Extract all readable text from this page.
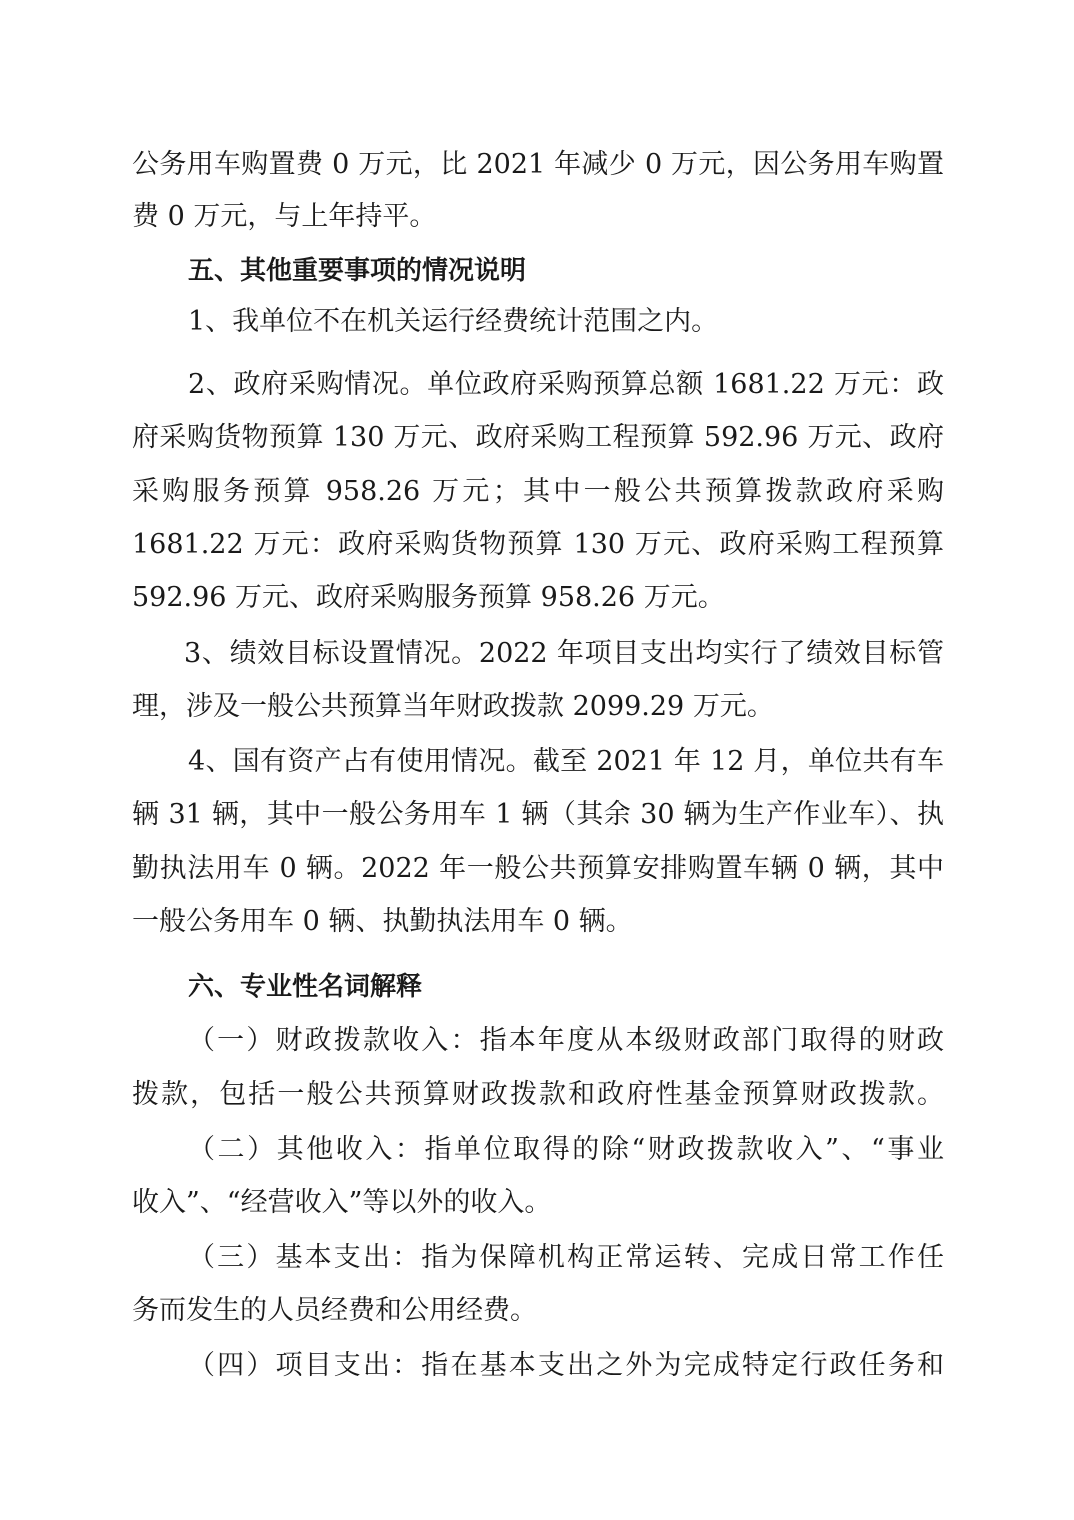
公务用车购置费 0 万元，比 2021 年减少 0 万元，因公务用车购置
费 0 万元，与上年持平。
五、其他重要事项的情况说明
1、我单位不在机关运行经费统计范围之内。
2、政府采购情况。单位政府采购预算总额 1681.22 万元：政
府采购货物预算 130 万元、政府采购工程预算 592.96 万元、政府
采购服务预算 958.26 万元；其中一般公共预算拨款政府采购
1681.22 万元：政府采购货物预算 130 万元、政府采购工程预算
592.96 万元、政府采购服务预算 958.26 万元。
3、绩效目标设置情况。2022 年项目支出均实行了绩效目标管
理，涉及一般公共预算当年财政拨款 2099.29 万元。
4、国有资产占有使用情况。截至 2021 年 12 月，单位共有车
辆 31 辆，其中一般公务用车 1 辆（其余 30 辆为生产作业车）、执
勤执法用车 0 辆。2022 年一般公共预算安排购置车辆 0 辆，其中
一般公务用车 0 辆、执勤执法用车 0 辆。
六、专业性名词解释
（一）财政拨款收入：指本年度从本级财政部门取得的财政
拨款，包括一般公共预算财政拨款和政府性基金预算财政拨款。
（二）其他收入：指单位取得的除“财政拨款收入”、“事业
收入”、“经营收入”等以外的收入。
（三）基本支出：指为保障机构正常运转、完成日常工作任
务而发生的人员经费和公用经费。
（四）项目支出：指在基本支出之外为完成特定行政任务和
